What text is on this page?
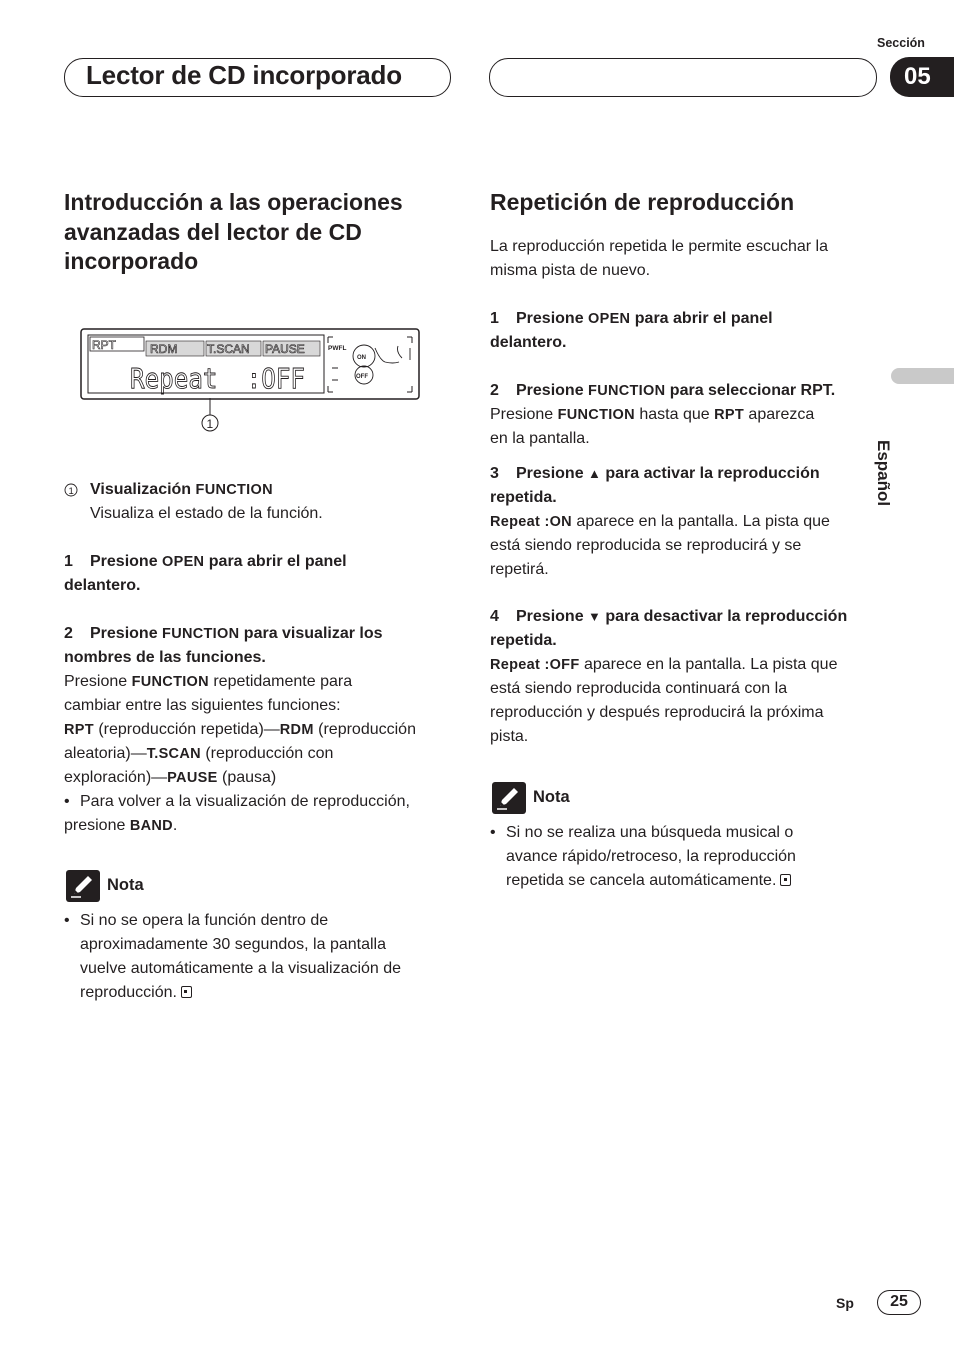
Lector de CD incorporado
Sección
05
Español
Introducción a las operaciones
avanzadas del lector de CD
incorporado
RPT	RDM T.SCAN PAUSE
Repeat  :OFF
1
PWFL
ON
OFF
1	Visualización FUNCTION
Visualiza el estado de la función.
1 Presione OPEN para abrir el panel
delantero.
2 Presione FUNCTION para visualizar los
nombres de las funciones.
Presione FUNCTION repetidamente para
cambiar entre las siguientes funciones:
RPT (reproducción repetida)—RDM (reproducción
aleatoria)—T.SCAN (reproducción con
exploración)—PAUSE (pausa)
• Para volver a la visualización de reproducción,
presione BAND.
Nota
• Si no se opera la función dentro de
aproximadamente 30 segundos, la pantalla
vuelve automáticamente a la visualización de
reproducción.
Repetición de reproducción
La reproducción repetida le permite escuchar la
misma pista de nuevo.
1 Presione OPEN para abrir el panel
delantero.
2 Presione FUNCTION para seleccionar RPT.
Presione FUNCTION hasta que RPT aparezca
en la pantalla.
3 Presione ▲ para activar la reproducción
repetida.
Repeat :ON aparece en la pantalla. La pista que
está siendo reproducida se reproducirá y se
repetirá.
4 Presione ▼ para desactivar la reproducción
repetida.
Repeat :OFF aparece en la pantalla. La pista que
está siendo reproducida continuará con la
reproducción y después reproducirá la próxima
pista.
Nota
• Si no se realiza una búsqueda musical o
avance rápido/retroceso, la reproducción
repetida se cancela automáticamente.
Sp	25
